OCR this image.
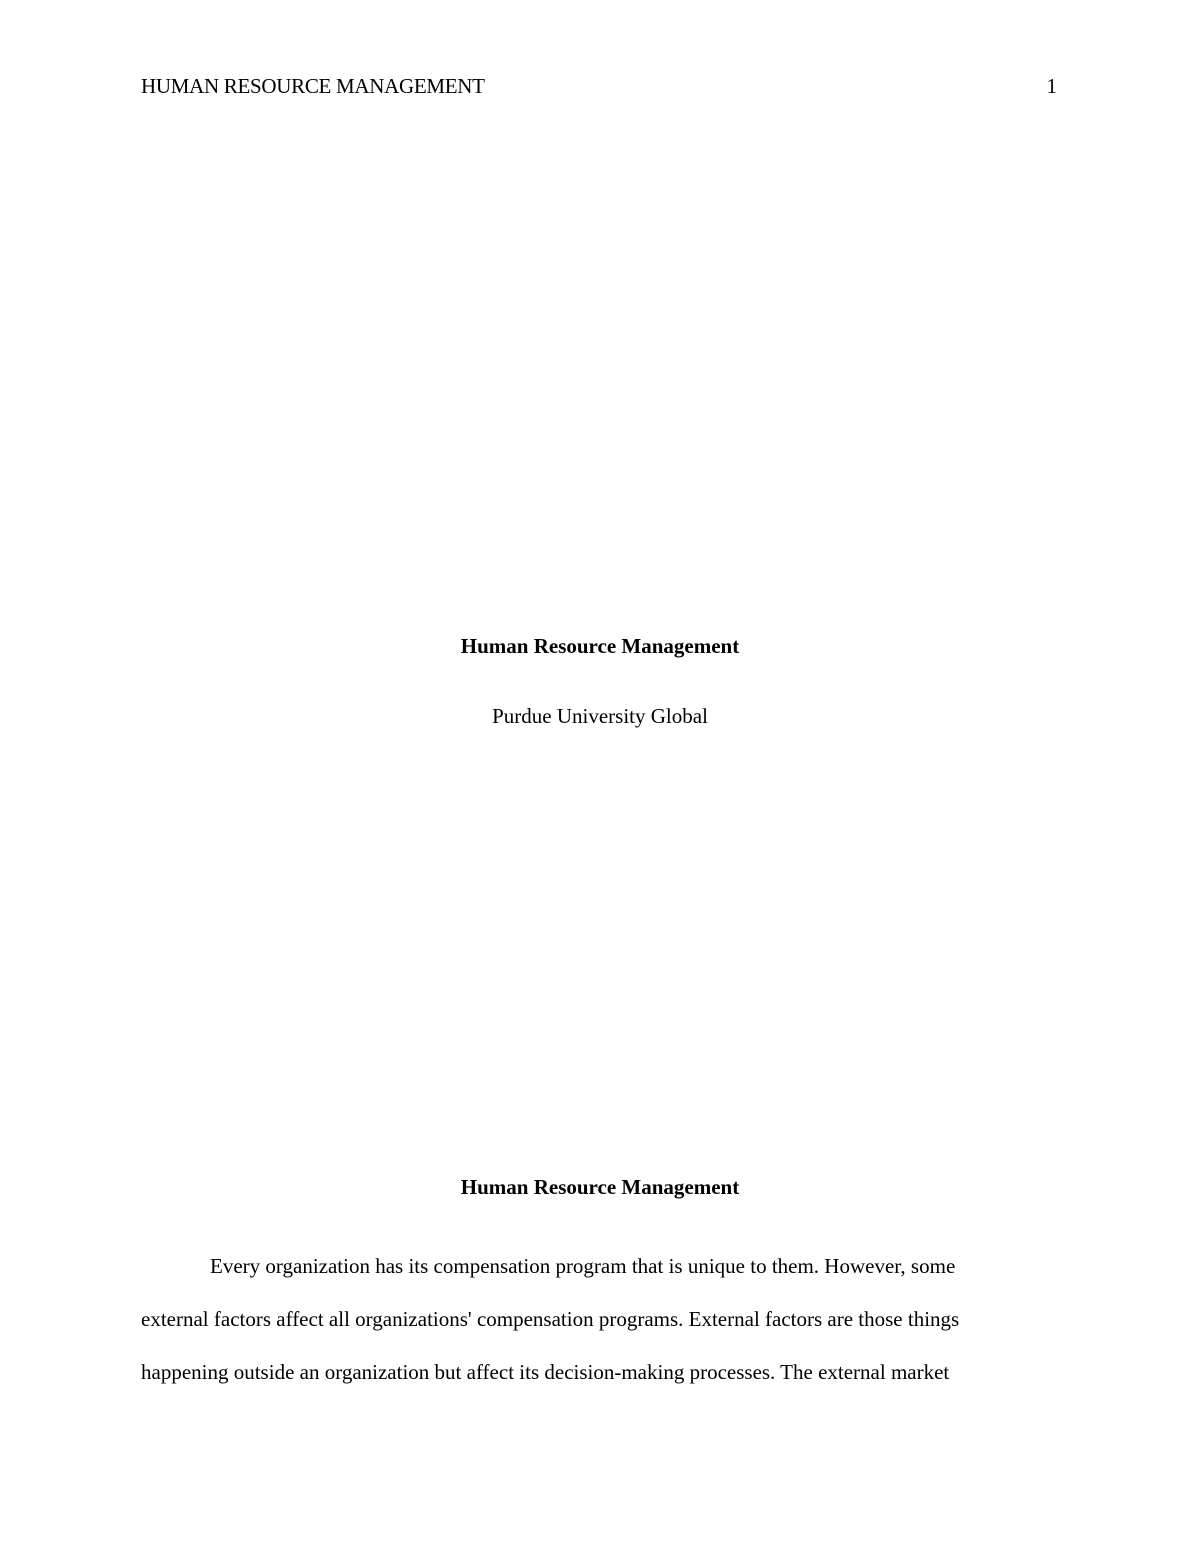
HUMAN RESOURCE MANAGEMENT	1

Human Resource Management

Purdue University Global

Human Resource Management

Every organization has its compensation program that is unique to them. However, some
external factors affect all organizations' compensation programs. External factors are those things
happening outside an organization but affect its decision-making processes. The external market
